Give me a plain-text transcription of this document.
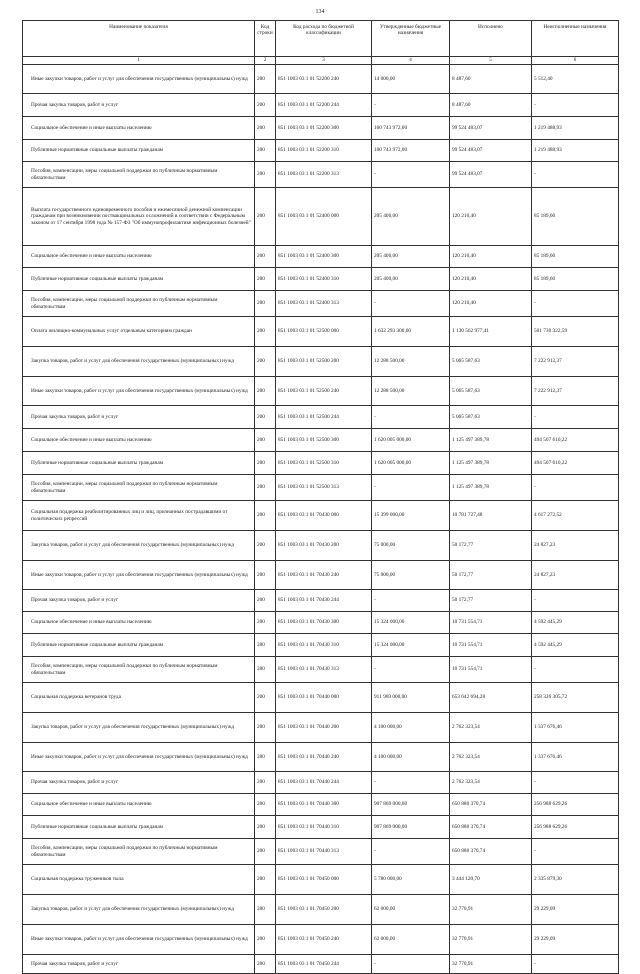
134
Наименование показателя	Код строки	Код расхода по бюджетной классификации	Утвержденные бюджетные назначения	Исполнено	Неисполненные назначения
1	2	3	4	5	6

Иные закупки товаров, работ и услуг для обеспечения государственных (муниципальных) нужд	200	851 1003 03 1 01 52200 240	14 000,00	8 487,60	5 512,40

Прочая закупка товаров, работ и услуг	200	851 1003 03 1 01 52200 244	-	8 487,60	-

Социальное обеспечение и иные выплаты населению	200	851 1003 03 1 01 52200 300	100 743 972,00	99 524 483,07	1 219 488,93

Публичные нормативные социальные выплаты гражданам	200	851 1003 03 1 01 52200 310	100 743 972,00	99 524 483,07	1 219 488,93

Пособия, компенсации, меры социальной поддержки по публичным нормативным обязательствам	200	851 1003 03 1 01 52200 313	-	99 524 483,07	-

Выплата государственного единовременного пособия и ежемесячной денежной компенсации гражданам при возникновении поствакцинальных осложнений в соответствии с Федеральным законом от 17 сентября 1998 года № 157-ФЗ "Об иммунопрофилактике инфекционных болезней"	200	851 1003 03 1 01 52400 000	205 400,00	120 210,40	85 189,60

Социальное обеспечение и иные выплаты населению	200	851 1003 03 1 01 52400 300	205 400,00	120 210,40	85 189,60

Публичные нормативные социальные выплаты гражданам	200	851 1003 03 1 01 52400 310	205 400,00	120 210,40	85 189,60

Пособия, компенсации, меры социальной поддержки по публичным нормативным обязательствам	200	851 1003 03 1 01 52400 313	-	120 210,40	-

Оплата жилищно-коммунальных услуг отдельным категориям граждан	200	851 1003 03 1 01 52500 000	1 632 293 300,00	1 130 562 977,41	501 730 322,59

Закупка товаров, работ и услуг для обеспечения государственных (муниципальных) нужд	200	851 1003 03 1 01 52500 200	12 288 500,00	5 065 587,63	7 222 912,37

Иные закупки товаров, работ и услуг для обеспечения государственных (муниципальных) нужд	200	851 1003 03 1 01 52500 240	12 288 500,00	5 065 587,63	7 222 912,37

Прочая закупка товаров, работ и услуг	200	851 1003 03 1 01 52500 244	-	5 065 587,63	-

Социальное обеспечение и иные выплаты населению	200	851 1003 03 1 01 52500 300	1 620 005 000,00	1 125 497 389,78	494 507 610,22

Публичные нормативные социальные выплаты гражданам	200	851 1003 03 1 01 52500 310	1 620 005 000,00	1 125 497 389,78	494 507 610,22

Пособия, компенсации, меры социальной поддержки по публичным нормативным обязательствам	200	851 1003 03 1 01 52500 313	-	1 125 497 389,78	-

Социальная поддержка реабилитированных лиц и лиц, признанных пострадавшими от политических репрессий	200	851 1003 03 1 01 70430 000	15 399 000,00	10 781 727,48	4 617 272,52

Закупка товаров, работ и услуг для обеспечения государственных (муниципальных) нужд	200	851 1003 03 1 01 70430 200	75 000,00	50 172,77	24 827,23

Иные закупки товаров, работ и услуг для обеспечения государственных (муниципальных) нужд	200	851 1003 03 1 01 70430 240	75 000,00	50 172,77	24 827,23

Прочая закупка товаров, работ и услуг	200	851 1003 03 1 01 70430 244	-	50 172,77	-

Социальное обеспечение и иные выплаты населению	200	851 1003 03 1 01 70430 300	15 324 000,00	10 731 554,71	4 592 445,29

Публичные нормативные социальные выплаты гражданам	200	851 1003 03 1 01 70430 310	15 324 000,00	10 731 554,71	4 592 445,29

Пособия, компенсации, меры социальной поддержки по публичным нормативным обязательствам	200	851 1003 03 1 01 70430 313	-	10 731 554,71	-

Социальная поддержка ветеранов труда	200	851 1003 03 1 01 70440 000	911 969 000,00	653 642 694,28	258 326 305,72

Закупка товаров, работ и услуг для обеспечения государственных (муниципальных) нужд	200	851 1003 03 1 01 70440 200	4 100 000,00	2 762 323,54	1 337 676,46

Иные закупки товаров, работ и услуг для обеспечения государственных (муниципальных) нужд	200	851 1003 03 1 01 70440 240	4 100 000,00	2 762 323,54	1 337 676,46

Прочая закупка товаров, работ и услуг	200	851 1003 03 1 01 70440 244	-	2 762 323,54	-

Социальное обеспечение и иные выплаты населению	200	851 1003 03 1 01 70440 300	907 869 000,00	650 880 370,74	256 988 629,26

Публичные нормативные социальные выплаты гражданам	200	851 1003 03 1 01 70440 310	907 869 000,00	650 880 370,74	256 988 629,26

Пособия, компенсации, меры социальной поддержки по публичным нормативным обязательствам	200	851 1003 03 1 01 70440 313	-	650 880 370,74	-

Социальная поддержка тружеников тыла	200	851 1003 03 1 01 70450 000	5 780 000,00	3 444 120,70	2 335 879,30

Закупка товаров, работ и услуг для обеспечения государственных (муниципальных) нужд	200	851 1003 03 1 01 70450 200	62 000,00	32 770,91	29 229,09

Иные закупки товаров, работ и услуг для обеспечения государственных (муниципальных) нужд	200	851 1003 03 1 01 70450 240	62 000,00	32 770,91	29 229,09

Прочая закупка товаров, работ и услуг	200	851 1003 03 1 01 70450 244	-	32 770,91	-
